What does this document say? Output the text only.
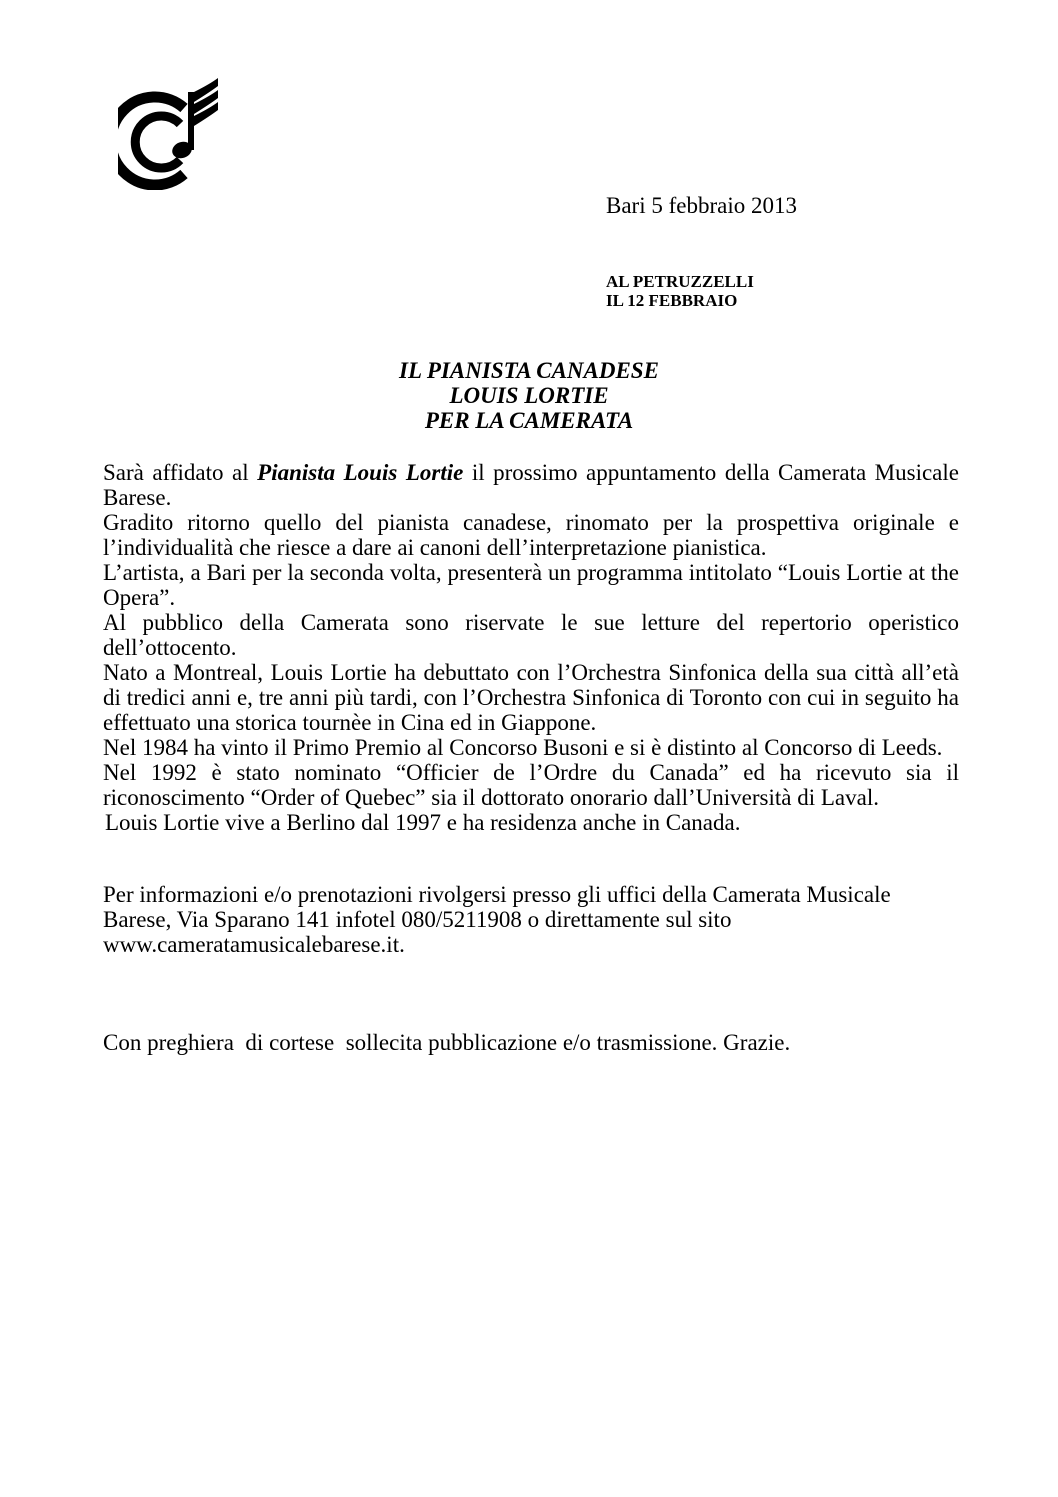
Bari 5 febbraio 2013
AL PETRUZZELLI
IL 12 FEBBRAIO
IL PIANISTA CANADESE
LOUIS LORTIE
PER LA CAMERATA

Sarà affidato al Pianista Louis Lortie il prossimo appuntamento della Camerata Musicale Barese.

Gradito ritorno quello del pianista canadese, rinomato per la prospettiva originale e l’individualità che riesce a dare ai canoni dell’interpretazione pianistica.

L’artista, a Bari per la seconda volta, presenterà un programma intitolato “Louis Lortie at the Opera”.

Al pubblico della Camerata sono riservate le sue letture del repertorio operistico dell’ottocento.

Nato a Montreal, Louis Lortie ha debuttato con l’Orchestra Sinfonica della sua città all’età di tredici anni e, tre anni più tardi, con l’Orchestra Sinfonica di Toronto con cui in seguito ha effettuato una storica tournèe in Cina ed in Giappone.

Nel 1984 ha vinto il Primo Premio al Concorso Busoni e si è distinto al Concorso di Leeds.

Nel 1992 è stato nominato “Officier de l’Ordre du Canada” ed ha ricevuto sia il riconoscimento “Order of Quebec” sia il dottorato onorario dall’Università di Laval.

Louis Lortie vive a Berlino dal 1997 e ha residenza anche in Canada.

Per informazioni e/o prenotazioni rivolgersi presso gli uffici della Camerata Musicale
Barese, Via Sparano 141 infotel 080/5211908 o direttamente sul sito
www.cameratamusicalebarese.it.
Con preghiera  di cortese  sollecita pubblicazione e/o trasmissione. Grazie.
